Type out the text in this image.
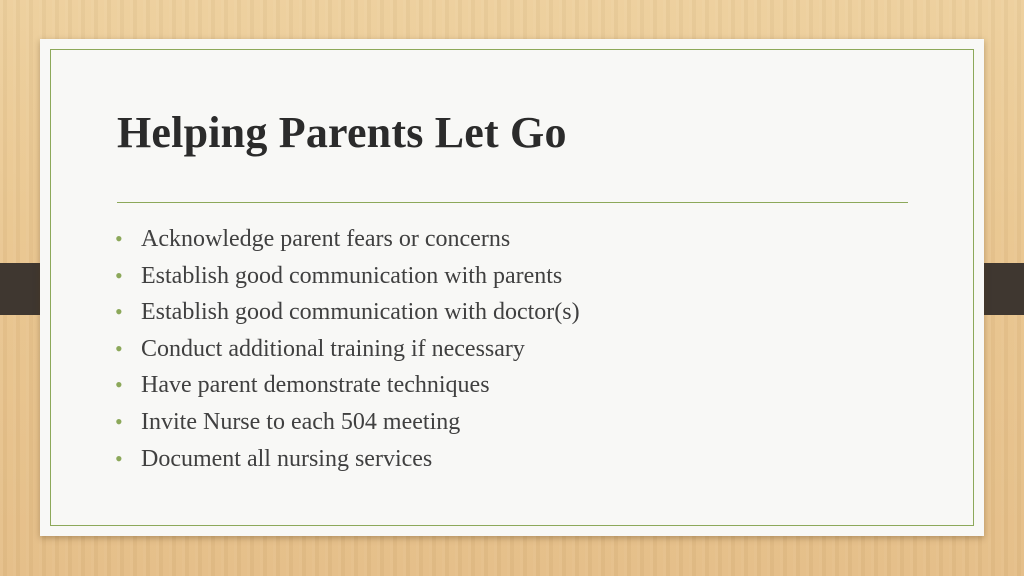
Helping Parents Let Go
• Acknowledge parent fears or concerns
• Establish good communication with parents
• Establish good communication with doctor(s)
• Conduct additional training if necessary
• Have parent demonstrate techniques
• Invite Nurse to each 504 meeting
• Document all nursing services
